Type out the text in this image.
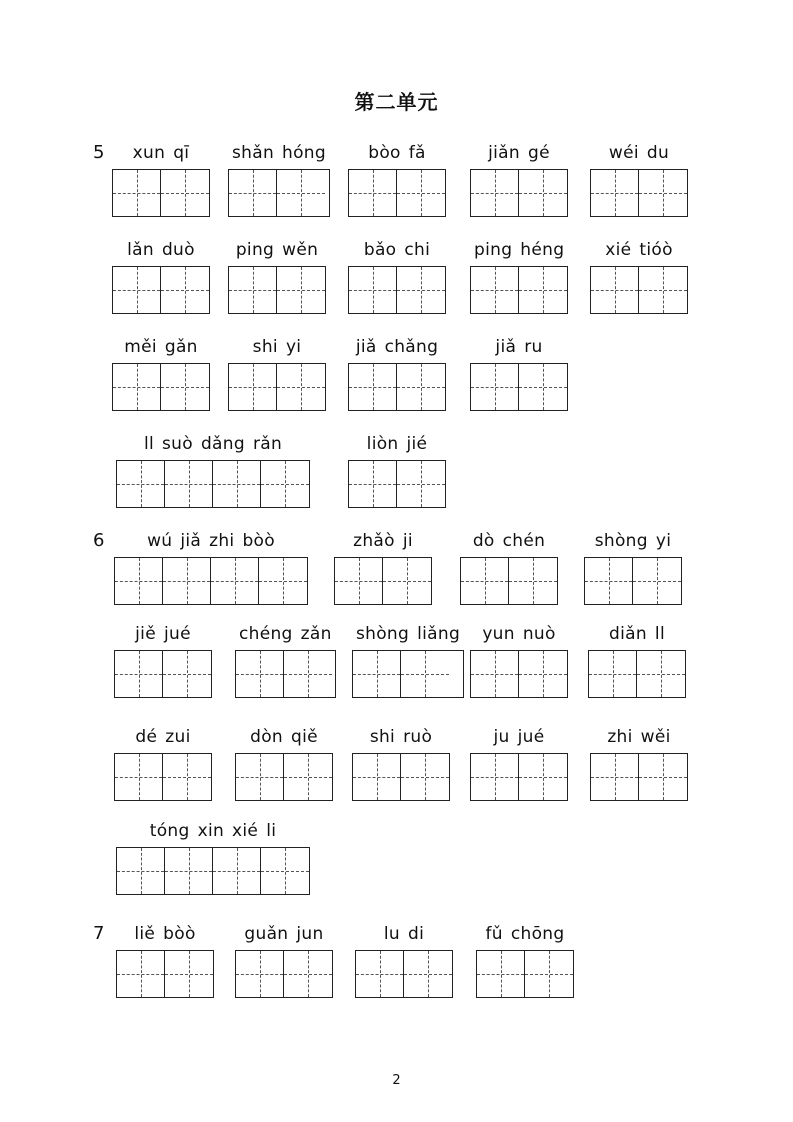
第二单元
5	xun qī	shǎn hóng	bòo fǎ	jiǎn gé	wéi du
lǎn duò	ping wěn	bǎo chi	ping héng	xié tióò
měi gǎn	shi yi	jiǎ chǎng	jiǎ ru
ll suò dǎng rǎn	liòn jié
6	wú jiǎ zhi bòò	zhǎò ji	dò chén	shòng yi
jiě jué	chéng zǎn shòng liǎng	yun nuò	diǎn ll
dé zui	dòn qiě	shi ruò	ju jué	zhi wěi
tóng xin xié li
7	liě bòò	guǎn jun	lu di	fǔ chōng
2
